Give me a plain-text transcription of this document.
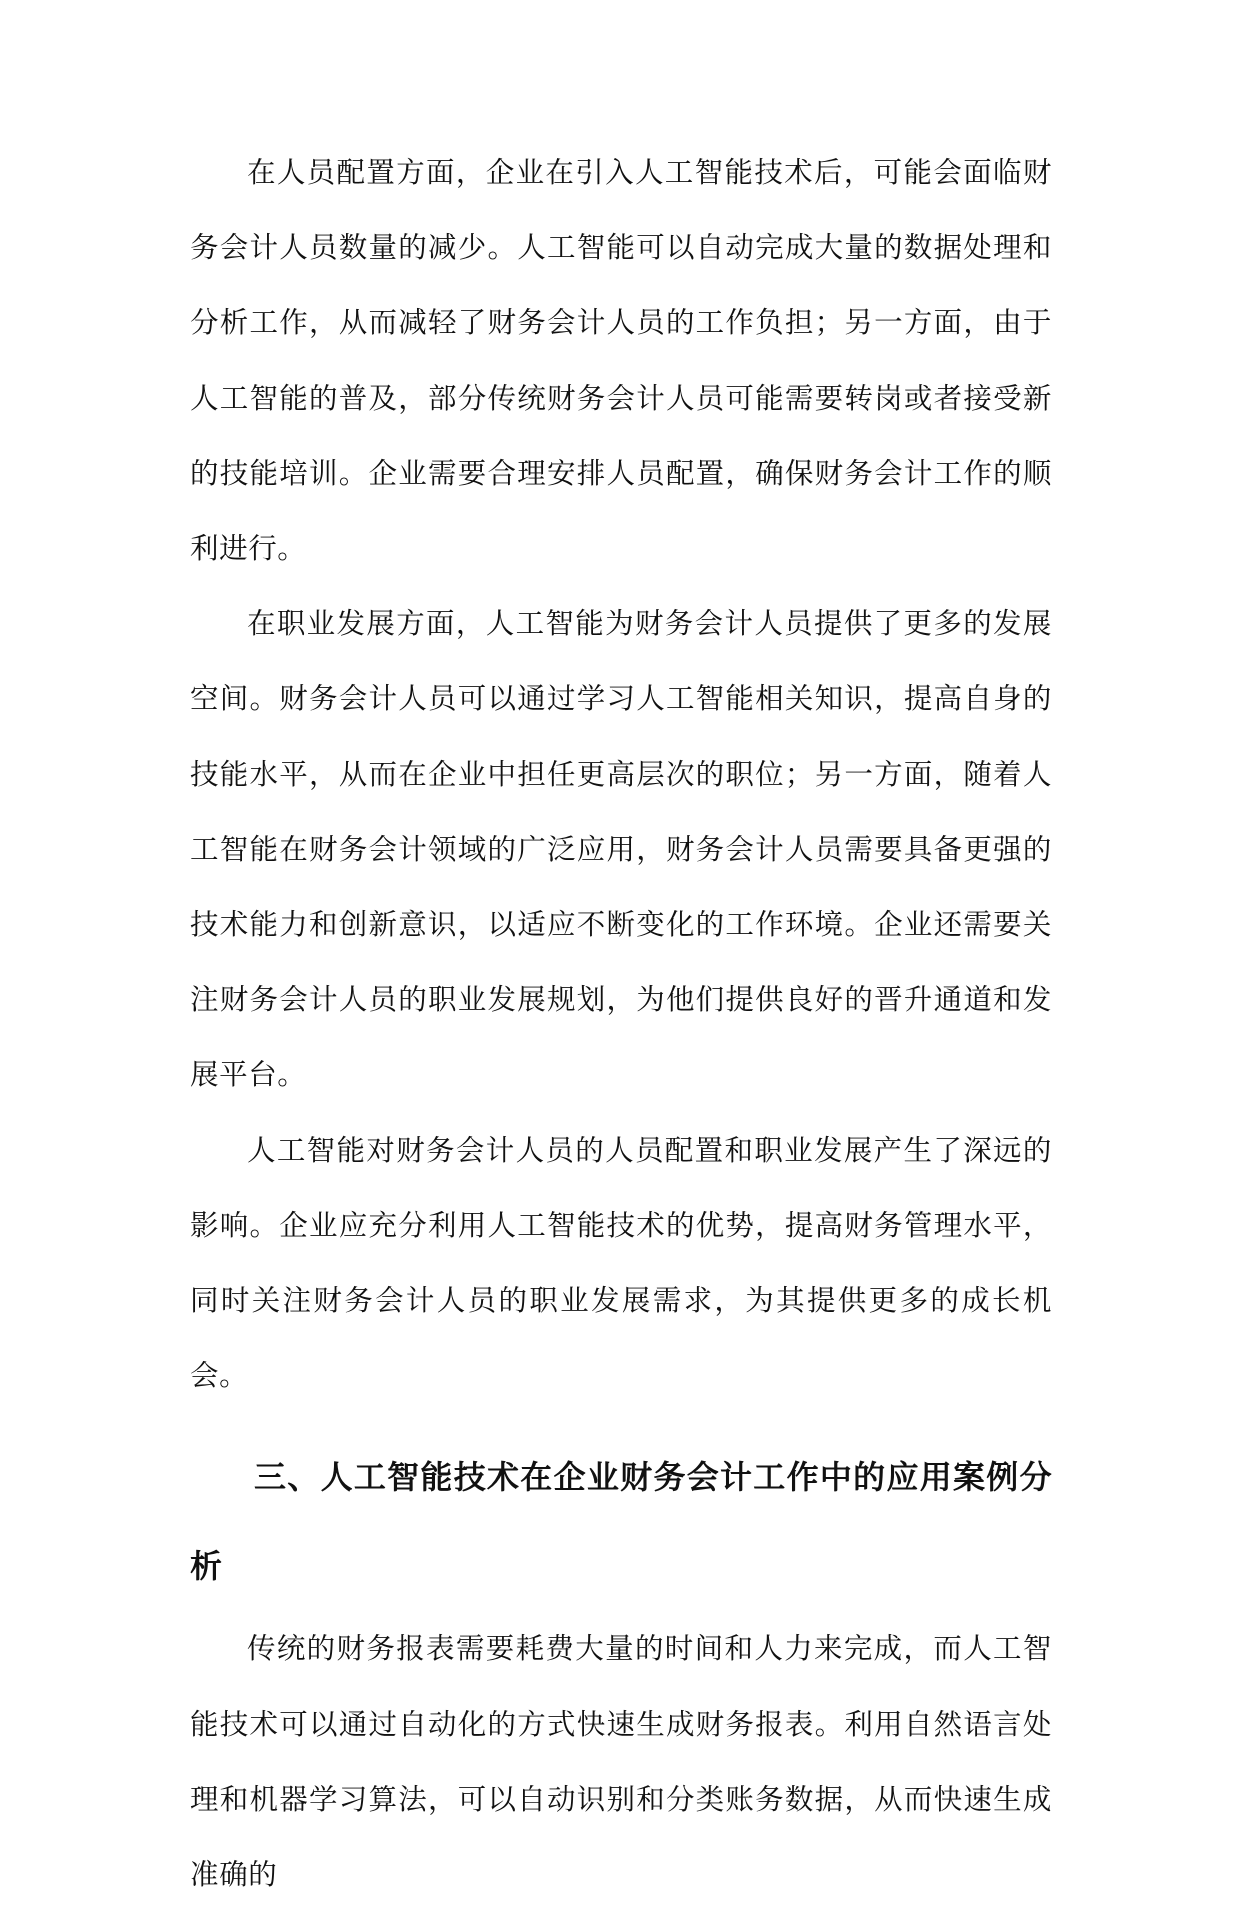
在人员配置方面，企业在引入人工智能技术后，可能会面临财务会计人员数量的减少。人工智能可以自动完成大量的数据处理和分析工作，从而减轻了财务会计人员的工作负担；另一方面，由于人工智能的普及，部分传统财务会计人员可能需要转岗或者接受新的技能培训。企业需要合理安排人员配置，确保财务会计工作的顺利进行。

在职业发展方面，人工智能为财务会计人员提供了更多的发展空间。财务会计人员可以通过学习人工智能相关知识，提高自身的技能水平，从而在企业中担任更高层次的职位；另一方面，随着人工智能在财务会计领域的广泛应用，财务会计人员需要具备更强的技术能力和创新意识，以适应不断变化的工作环境。企业还需要关注财务会计人员的职业发展规划，为他们提供良好的晋升通道和发展平台。

人工智能对财务会计人员的人员配置和职业发展产生了深远的影响。企业应充分利用人工智能技术的优势，提高财务管理水平，同时关注财务会计人员的职业发展需求，为其提供更多的成长机会。

三、人工智能技术在企业财务会计工作中的应用案例分析

传统的财务报表需要耗费大量的时间和人力来完成，而人工智能技术可以通过自动化的方式快速生成财务报表。利用自然语言处理和机器学习算法，可以自动识别和分类账务数据，从而快速生成准确的
